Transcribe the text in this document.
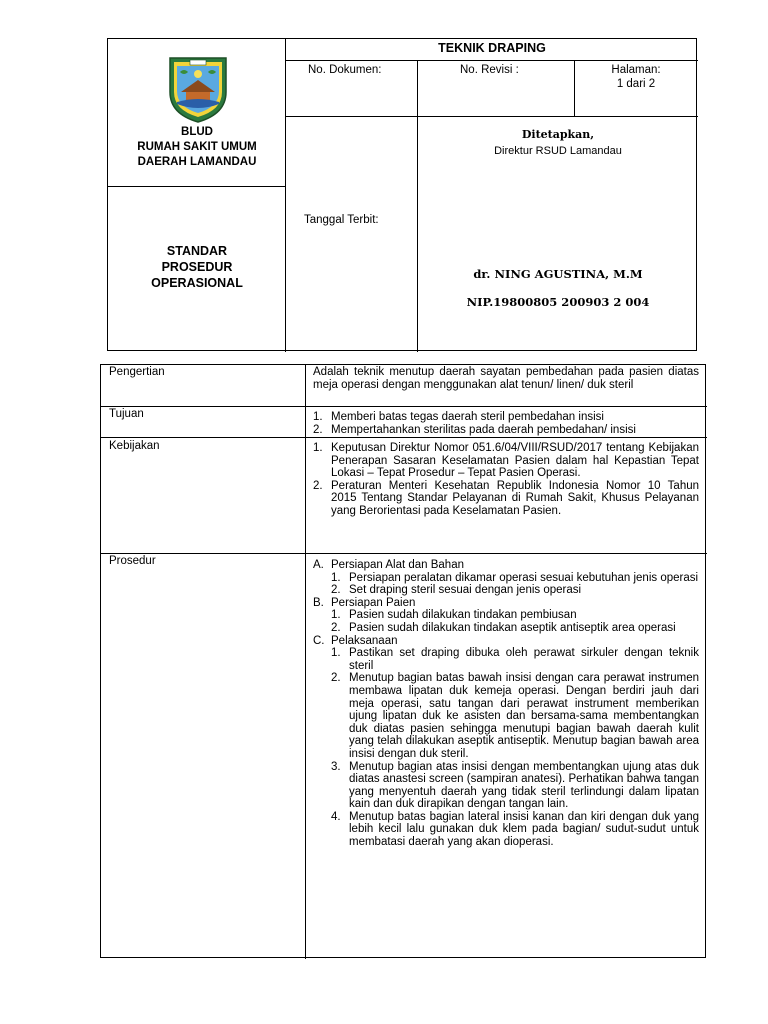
BLUD
RUMAH SAKIT UMUM
DAERAH LAMANDAU
STANDAR
PROSEDUR
OPERASIONAL
TEKNIK DRAPING
No. Dokumen:	No. Revisi :	Halaman:
1 dari 2
Tanggal Terbit:
Ditetapkan,
Direktur RSUD Lamandau
dr. NING AGUSTINA, M.M
NIP.19800805 200903 2 004
Pengertian	Adalah teknik menutup daerah sayatan pembedahan pada pasien diatas meja operasi dengan menggunakan alat tenun/ linen/ duk steril
Tujuan	1. Memberi batas tegas daerah steril pembedahan insisi
2. Mempertahankan sterilitas pada daerah pembedahan/ insisi
Kebijakan	1. Keputusan Direktur Nomor 051.6/04/VIII/RSUD/2017 tentang Kebijakan Penerapan Sasaran Keselamatan Pasien dalam hal Kepastian Tepat Lokasi – Tepat Prosedur – Tepat Pasien Operasi.
2. Peraturan Menteri Kesehatan Republik Indonesia Nomor 10 Tahun 2015 Tentang Standar Pelayanan di Rumah Sakit, Khusus Pelayanan yang Berorientasi pada Keselamatan Pasien.
Prosedur	A. Persiapan Alat dan Bahan
1. Persiapan peralatan dikamar operasi sesuai kebutuhan jenis operasi
2. Set draping steril sesuai dengan jenis operasi
B. Persiapan Paien
1. Pasien sudah dilakukan tindakan pembiusan
2. Pasien sudah dilakukan tindakan aseptik antiseptik area operasi
C. Pelaksanaan
1. Pastikan set draping dibuka oleh perawat sirkuler dengan teknik steril
2. Menutup bagian batas bawah insisi dengan cara perawat instrumen membawa lipatan duk kemeja operasi. Dengan berdiri jauh dari meja operasi, satu tangan dari perawat instrument memberikan ujung lipatan duk ke asisten dan bersama-sama membentangkan duk diatas pasien sehingga menutupi bagian bawah daerah kulit yang telah dilakukan aseptik antiseptik. Menutup bagian bawah area insisi dengan duk steril.
3. Menutup bagian atas insisi dengan membentangkan ujung atas duk diatas anastesi screen (sampiran anatesi). Perhatikan bahwa tangan yang menyentuh daerah yang tidak steril terlindungi dalam lipatan kain dan duk dirapikan dengan tangan lain.
4. Menutup batas bagian lateral insisi kanan dan kiri dengan duk yang lebih kecil lalu gunakan duk klem pada bagian/ sudut-sudut untuk membatasi daerah yang akan dioperasi.
